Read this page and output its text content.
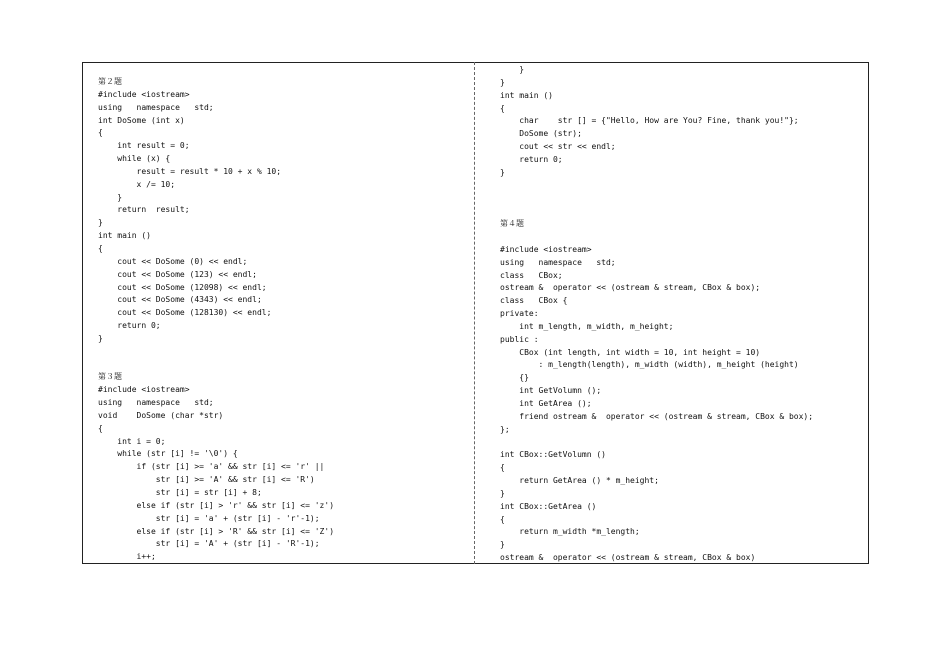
第２题
#include <iostream>
using   namespace   std;
int DoSome (int x)
{
int result = 0;
while (x) {
result = result * 10 + x % 10;
x /= 10;
}
return  result;
}
int main ()
{
cout << DoSome (0) << endl;
cout << DoSome (123) << endl;
cout << DoSome (12098) << endl;
cout << DoSome (4343) << endl;
cout << DoSome (128130) << endl;
return 0;
}
第３题
#include <iostream>
using   namespace   std;
void    DoSome (char *str)
{
int i = 0;
while (str [i] != '\0') {
if (str [i] >= 'a' && str [i] <= 'r' ||
str [i] >= 'A' && str [i] <= 'R')
str [i] = str [i] + 8;
else if (str [i] > 'r' && str [i] <= 'z')
str [i] = 'a' + (str [i] - 'r'-1);
else if (str [i] > 'R' && str [i] <= 'Z')
str [i] = 'A' + (str [i] - 'R'-1);
i++;
}
}
int main ()
{
char    str [] = {"Hello, How are You? Fine, thank you!"};
DoSome (str);
cout << str << endl;
return 0;
}
第４题
#include <iostream>
using   namespace   std;
class   CBox;
ostream &  operator << (ostream & stream, CBox & box);
class   CBox {
private:
int m_length, m_width, m_height;
public :
CBox (int length, int width = 10, int height = 10)
: m_length(length), m_width (width), m_height (height)
{}
int GetVolumn ();
int GetArea ();
friend ostream &  operator << (ostream & stream, CBox & box);
};
int CBox::GetVolumn ()
{
return GetArea () * m_height;
}
int CBox::GetArea ()
{
return m_width *m_length;
}
ostream &  operator << (ostream & stream, CBox & box)
